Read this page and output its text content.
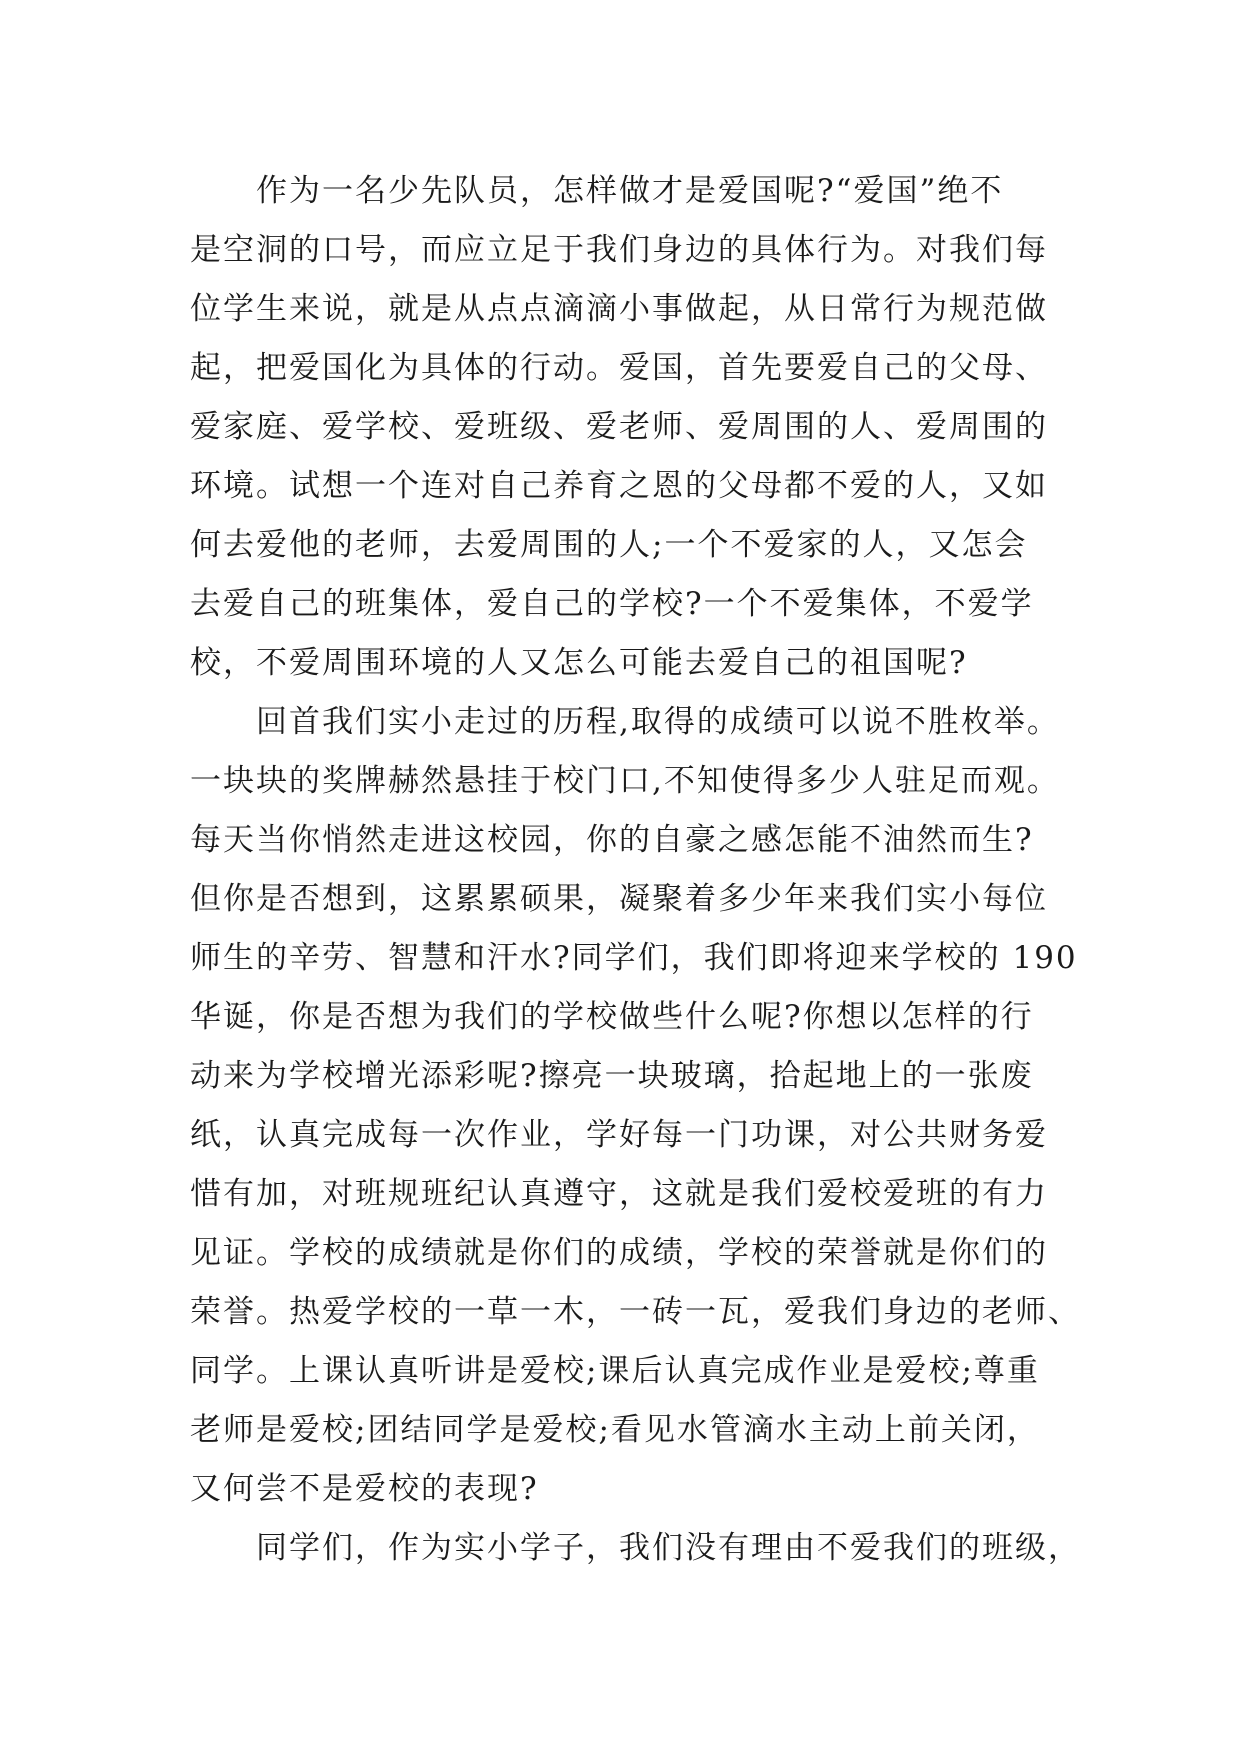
作为一名少先队员，怎样做才是爱国呢?“爱国”绝不
是空洞的口号，而应立足于我们身边的具体行为。对我们每
位学生来说，就是从点点滴滴小事做起，从日常行为规范做
起，把爱国化为具体的行动。爱国，首先要爱自己的父母、
爱家庭、爱学校、爱班级、爱老师、爱周围的人、爱周围的
环境。试想一个连对自己养育之恩的父母都不爱的人，又如
何去爱他的老师，去爱周围的人;一个不爱家的人，又怎会
去爱自己的班集体，爱自己的学校?一个不爱集体，不爱学
校，不爱周围环境的人又怎么可能去爱自己的祖国呢?
回首我们实小走过的历程,取得的成绩可以说不胜枚举。
一块块的奖牌赫然悬挂于校门口,不知使得多少人驻足而观。
每天当你悄然走进这校园，你的自豪之感怎能不油然而生?
但你是否想到，这累累硕果，凝聚着多少年来我们实小每位
师生的辛劳、智慧和汗水?同学们，我们即将迎来学校的 190
华诞，你是否想为我们的学校做些什么呢?你想以怎样的行
动来为学校增光添彩呢?擦亮一块玻璃，拾起地上的一张废
纸，认真完成每一次作业，学好每一门功课，对公共财务爱
惜有加，对班规班纪认真遵守，这就是我们爱校爱班的有力
见证。学校的成绩就是你们的成绩，学校的荣誉就是你们的
荣誉。热爱学校的一草一木，一砖一瓦，爱我们身边的老师、
同学。上课认真听讲是爱校;课后认真完成作业是爱校;尊重
老师是爱校;团结同学是爱校;看见水管滴水主动上前关闭，
又何尝不是爱校的表现?
同学们，作为实小学子，我们没有理由不爱我们的班级，
